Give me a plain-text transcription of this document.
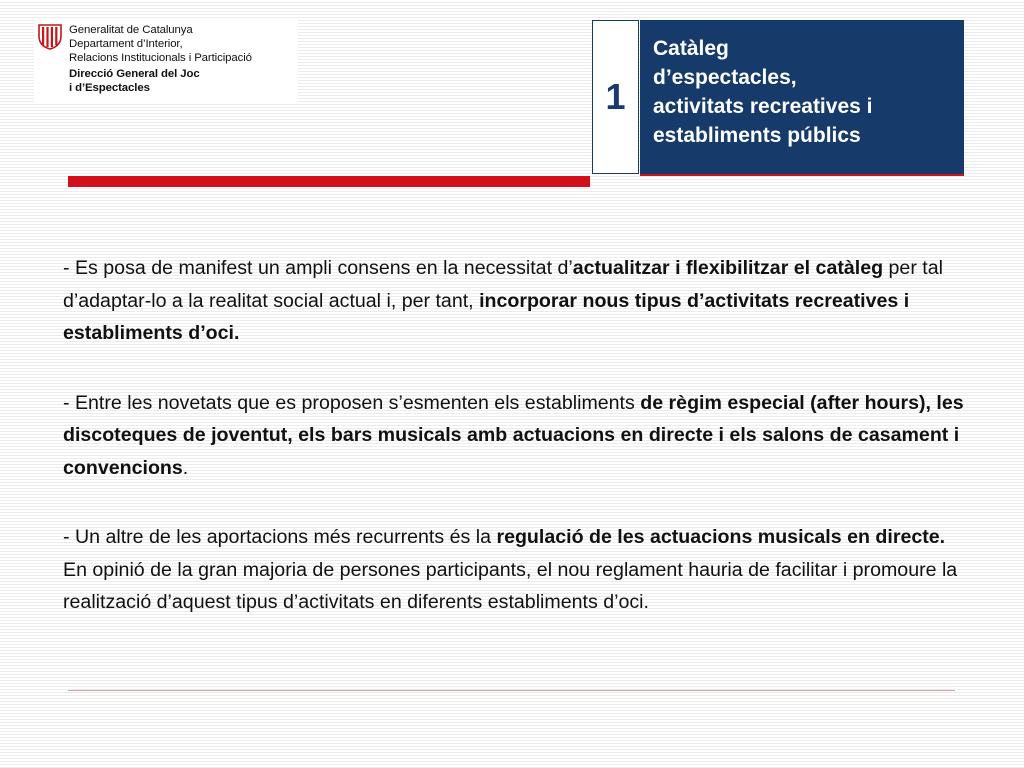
Generalitat de Catalunya
Departament d’Interior,
Relacions Institucionals i Participació
Direcció General del Joc
i d’Espectacles	1

Catàleg
d’espectacles,
activitats recreatives i
establiments públics

- Es posa de manifest un ampli consens en la necessitat d’actualitzar i flexibilitzar el catàleg per tal d’adaptar-lo a la realitat social actual i, per tant, incorporar nous tipus d’activitats recreatives i establiments d’oci.

- Entre les novetats que es proposen s’esmenten els establiments de règim especial (after hours), les discoteques de joventut, els bars musicals amb actuacions en directe i els salons de casament i convencions.

- Un altre de les aportacions més recurrents és la regulació de les actuacions musicals en directe. En opinió de la gran majoria de persones participants, el nou reglament hauria de facilitar i promoure la realització d’aquest tipus d’activitats en diferents establiments d’oci.
